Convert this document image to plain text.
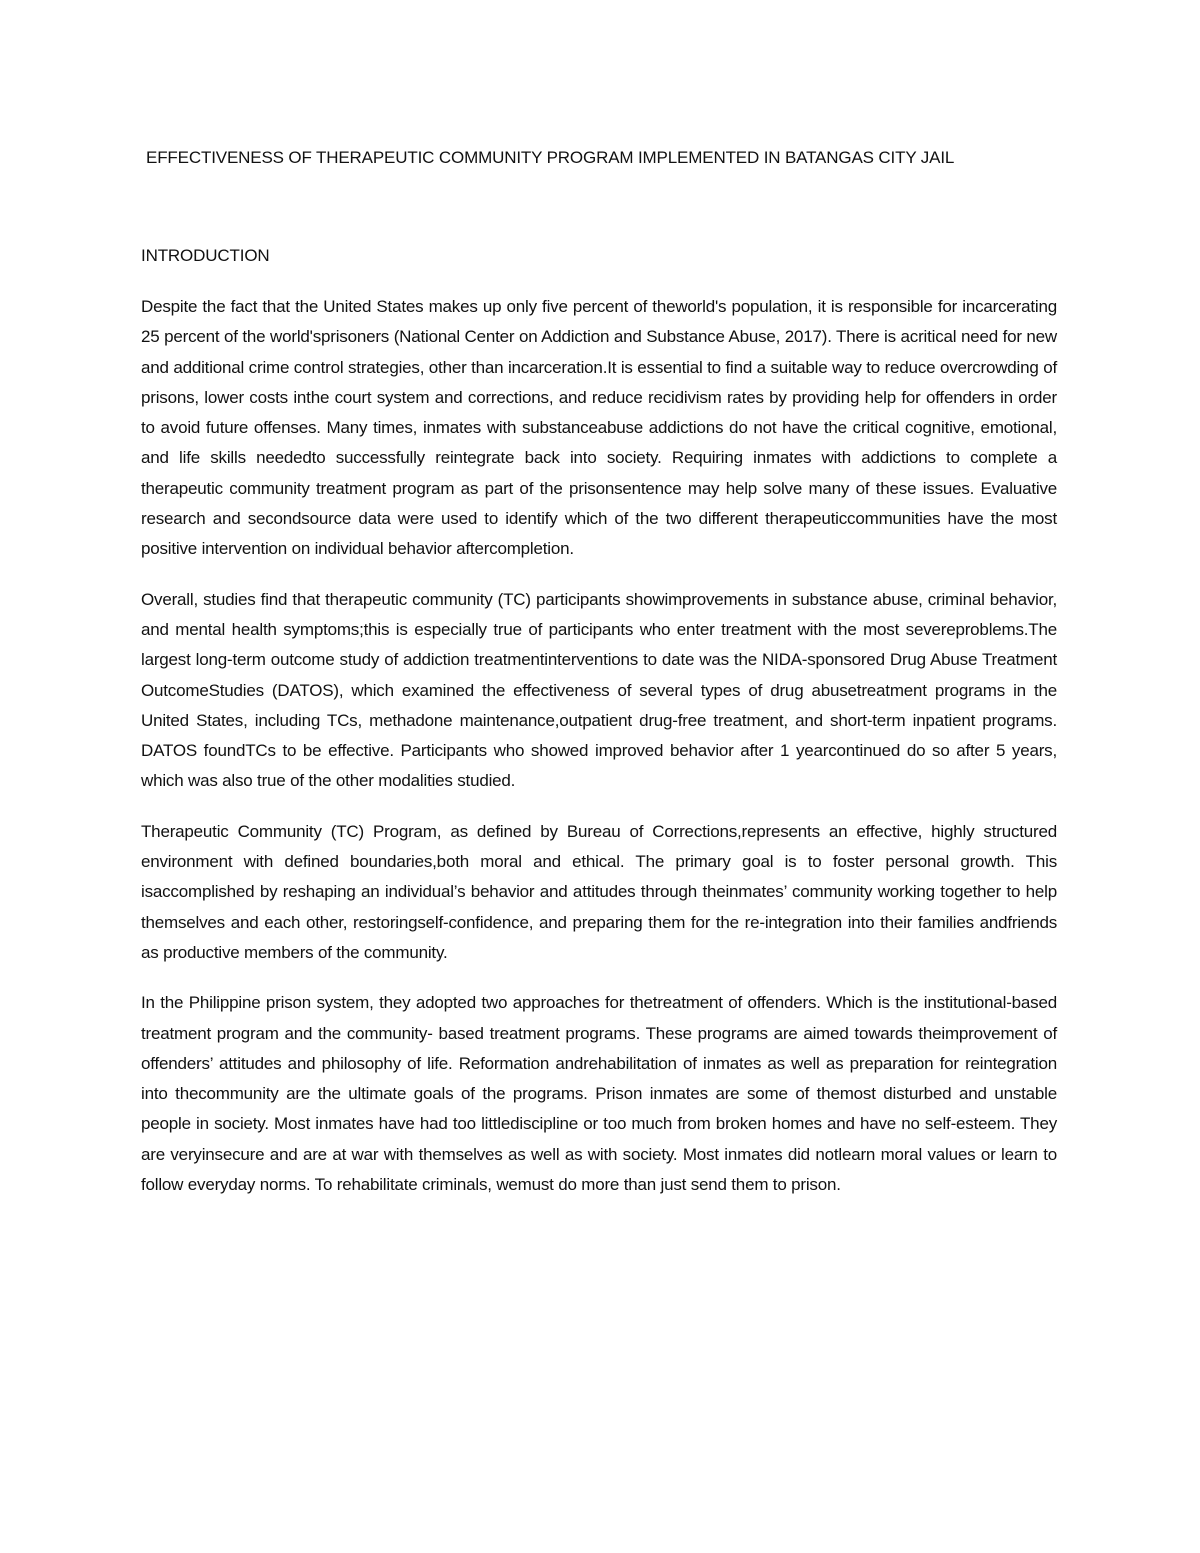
EFFECTIVENESS OF THERAPEUTIC COMMUNITY PROGRAM IMPLEMENTED IN BATANGAS CITY JAIL
INTRODUCTION

Despite the fact that the United States makes up only five percent of theworld's population, it is responsible for incarcerating 25 percent of the world'sprisoners (National Center on Addiction and Substance Abuse, 2017). There is acritical need for new and additional crime control strategies, other than incarceration.It is essential to find a suitable way to reduce overcrowding of prisons, lower costs inthe court system and corrections, and reduce recidivism rates by providing help for offenders in order to avoid future offenses. Many times, inmates with substanceabuse addictions do not have the critical cognitive, emotional, and life skills neededto successfully reintegrate back into society. Requiring inmates with addictions to complete a therapeutic community treatment program as part of the prisonsentence may help solve many of these issues. Evaluative research and secondsource data were used to identify which of the two different therapeuticcommunities have the most positive intervention on individual behavior aftercompletion.

Overall, studies find that therapeutic community (TC) participants showimprovements in substance abuse, criminal behavior, and mental health symptoms;this is especially true of participants who enter treatment with the most severeproblems.The largest long-term outcome study of addiction treatmentinterventions to date was the NIDA-sponsored Drug Abuse Treatment OutcomeStudies (DATOS), which examined the effectiveness of several types of drug abusetreatment programs in the United States, including TCs, methadone maintenance,outpatient drug-free treatment, and short-term inpatient programs. DATOS foundTCs to be effective. Participants who showed improved behavior after 1 yearcontinued do so after 5 years, which was also true of the other modalities studied.

Therapeutic Community (TC) Program, as defined by Bureau of Corrections,represents an effective, highly structured environment with defined boundaries,both moral and ethical. The primary goal is to foster personal growth. This isaccomplished by reshaping an individual’s behavior and attitudes through theinmates’ community working together to help themselves and each other, restoringself-confidence, and preparing them for the re-integration into their families andfriends as productive members of the community.

In the Philippine prison system, they adopted two approaches for thetreatment of offenders. Which is the institutional-based treatment program and the community- based treatment programs. These programs are aimed towards theimprovement of offenders’ attitudes and philosophy of life. Reformation andrehabilitation of inmates as well as preparation for reintegration into thecommunity are the ultimate goals of the programs. Prison inmates are some of themost disturbed and unstable people in society. Most inmates have had too littlediscipline or too much from broken homes and have no self-esteem. They are veryinsecure and are at war with themselves as well as with society. Most inmates did notlearn moral values or learn to follow everyday norms. To rehabilitate criminals, wemust do more than just send them to prison.
